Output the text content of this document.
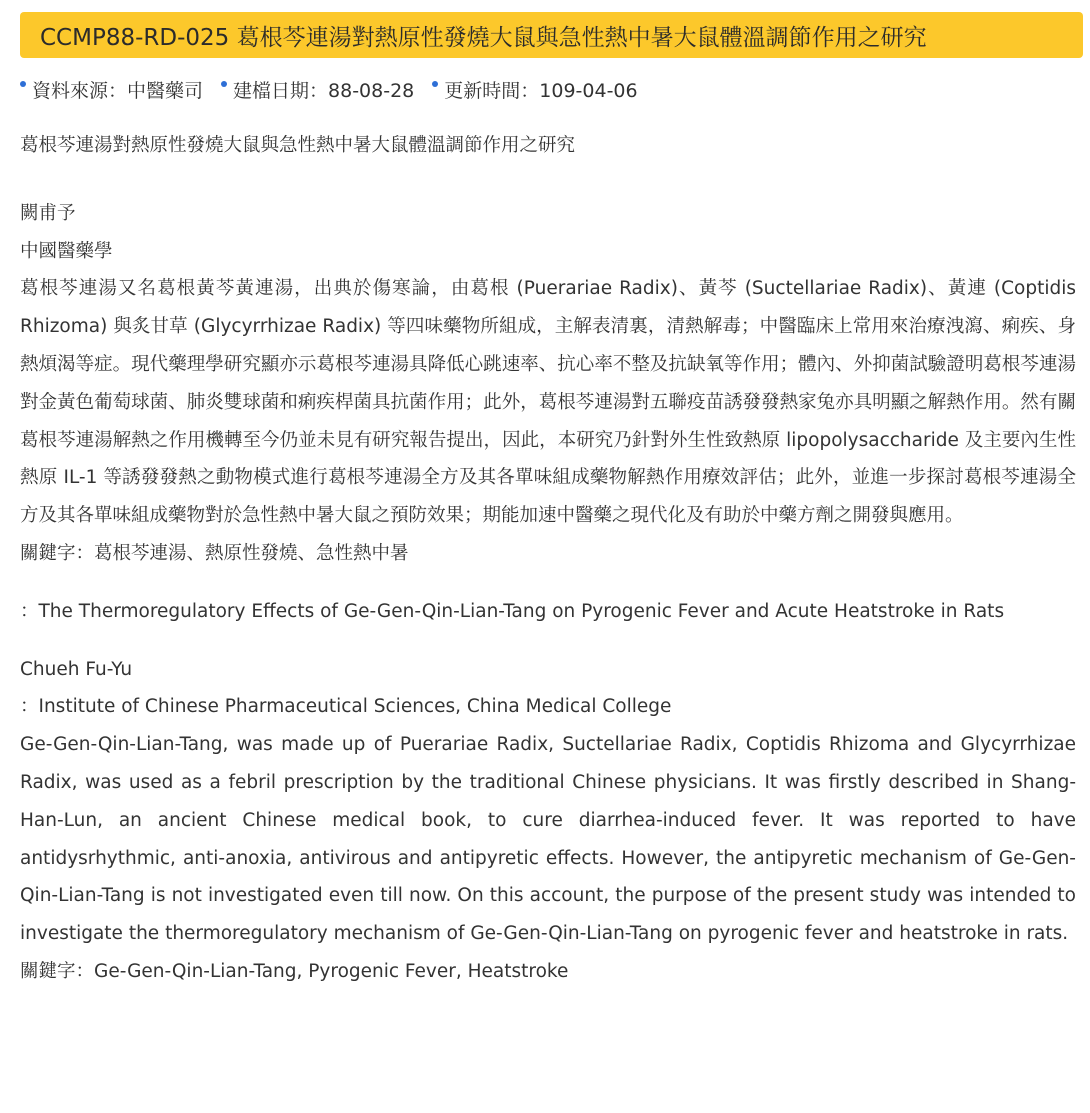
CCMP88-RD-025 葛根芩連湯對熱原性發燒大鼠與急性熱中暑大鼠體溫調節作用之研究
資料來源：中醫藥司 建檔日期：88-08-28 更新時間：109-04-06
葛根芩連湯對熱原性發燒大鼠與急性熱中暑大鼠體溫調節作用之研究
闕甫予
中國醫藥學
葛根芩連湯又名葛根黃芩黃連湯，出典於傷寒論，由葛根 (Puerariae Radix)、黃芩 (Suctellariae Radix)、黃連 (Coptidis Rhizoma) 與炙甘草 (Glycyrrhizae Radix) 等四味藥物所組成，主解表清裏，清熱解毒；中醫臨床上常用來治療洩瀉、痢疾、身熱煩渴等症。現代藥理學研究顯亦示葛根芩連湯具降低心跳速率、抗心率不整及抗缺氧等作用；體內、外抑菌試驗證明葛根芩連湯對金黃色葡萄球菌、肺炎雙球菌和痢疾桿菌具抗菌作用；此外，葛根芩連湯對五聯疫苗誘發發熱家兔亦具明顯之解熱作用。然有關葛根芩連湯解熱之作用機轉至今仍並未見有研究報告提出，因此，本研究乃針對外生性致熱原 lipopolysaccharide 及主要內生性熱原 IL-1 等誘發發熱之動物模式進行葛根芩連湯全方及其各單味組成藥物解熱作用療效評估；此外，並進一步探討葛根芩連湯全方及其各單味組成藥物對於急性熱中暑大鼠之預防效果；期能加速中醫藥之現代化及有助於中藥方劑之開發與應用。
關鍵字：葛根芩連湯、熱原性發燒、急性熱中暑
：The Thermoregulatory Effects of Ge-Gen-Qin-Lian-Tang on Pyrogenic Fever and Acute Heatstroke in Rats
Chueh Fu-Yu
：Institute of Chinese Pharmaceutical Sciences, China Medical College
Ge-Gen-Qin-Lian-Tang, was made up of Puerariae Radix, Suctellariae Radix, Coptidis Rhizoma and Glycyrrhizae Radix, was used as a febril prescription by the traditional Chinese physicians. It was firstly described in Shang-Han-Lun, an ancient Chinese medical book, to cure diarrhea-induced fever. It was reported to have antidysrhythmic, anti-anoxia, antivirous and antipyretic effects. However, the antipyretic mechanism of Ge-Gen-Qin-Lian-Tang is not investigated even till now. On this account, the purpose of the present study was intended to investigate the thermoregulatory mechanism of Ge-Gen-Qin-Lian-Tang on pyrogenic fever and heatstroke in rats.
關鍵字：Ge-Gen-Qin-Lian-Tang, Pyrogenic Fever, Heatstroke
